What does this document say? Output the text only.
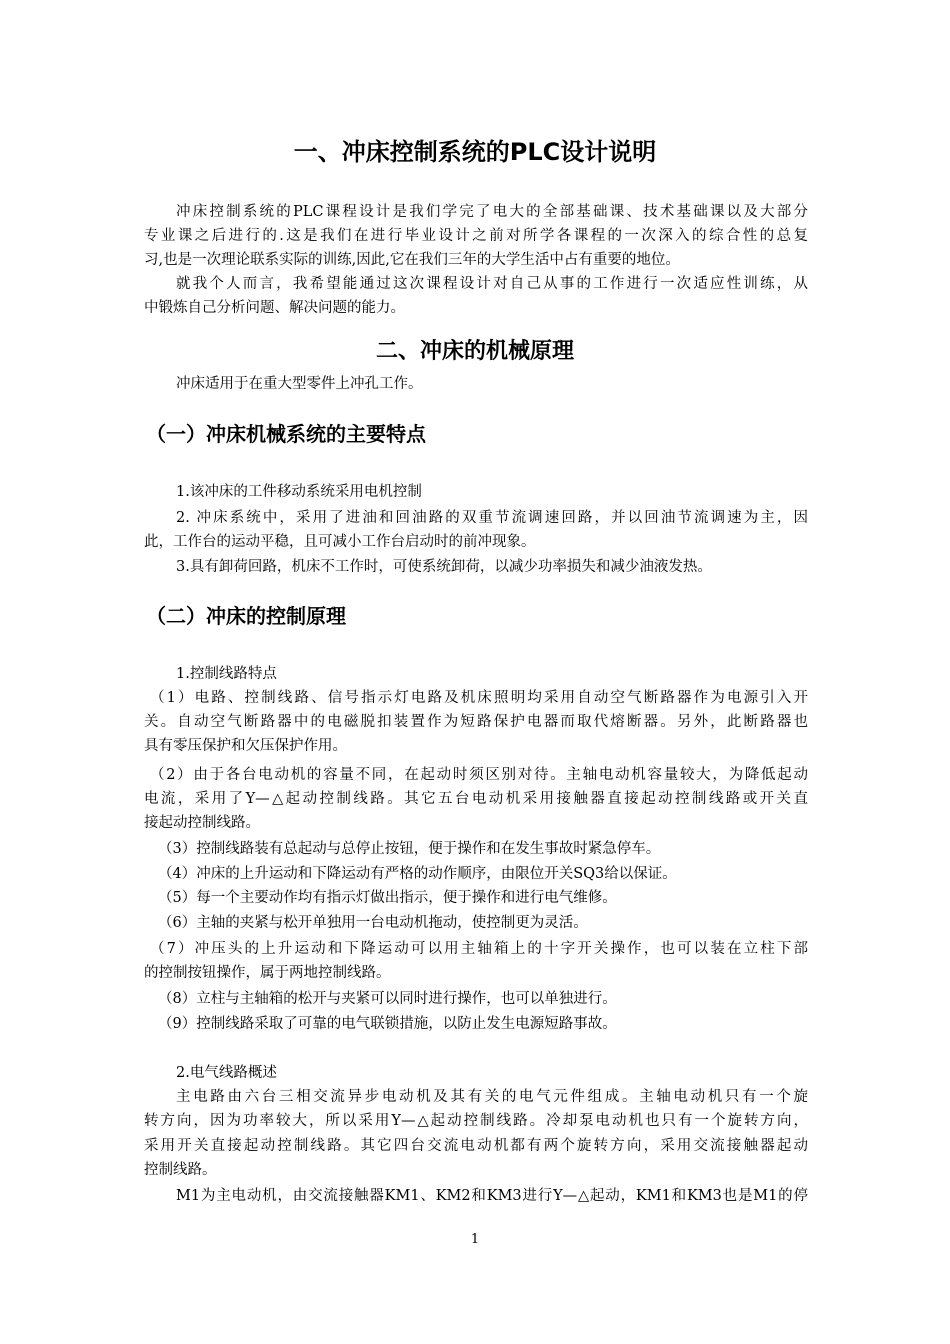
一、冲床控制系统的PLC设计说明
冲床控制系统的PLC课程设计是我们学完了电大的全部基础课、技术基础课以及大部分
专业课之后进行的.这是我们在进行毕业设计之前对所学各课程的一次深入的综合性的总复
习,也是一次理论联系实际的训练,因此,它在我们三年的大学生活中占有重要的地位。
就我个人而言，我希望能通过这次课程设计对自己从事的工作进行一次适应性训练，从
中锻炼自己分析问题、解决问题的能力。
二、冲床的机械原理
冲床适用于在重大型零件上冲孔工作。
（一）冲床机械系统的主要特点
1.该冲床的工件移动系统采用电机控制
2. 冲床系统中，采用了进油和回油路的双重节流调速回路，并以回油节流调速为主，因
此，工作台的运动平稳，且可减小工作台启动时的前冲现象。
3.具有卸荷回路，机床不工作时，可使系统卸荷，以减少功率损失和减少油液发热。
（二）冲床的控制原理
1.控制线路特点
（1）电路、控制线路、信号指示灯电路及机床照明均采用自动空气断路器作为电源引入开
关。自动空气断路器中的电磁脱扣装置作为短路保护电器而取代熔断器。另外，此断路器也
具有零压保护和欠压保护作用。
（2）由于各台电动机的容量不同，在起动时须区别对待。主轴电动机容量较大，为降低起动
电流，采用了Y—△起动控制线路。其它五台电动机采用接触器直接起动控制线路或开关直
接起动控制线路。
（3）控制线路装有总起动与总停止按钮，便于操作和在发生事故时紧急停车。
（4）冲床的上升运动和下降运动有严格的动作顺序，由限位开关SQ3给以保证。
（5）每一个主要动作均有指示灯做出指示，便于操作和进行电气维修。
（6）主轴的夹紧与松开单独用一台电动机拖动，使控制更为灵活。
（7）冲压头的上升运动和下降运动可以用主轴箱上的十字开关操作，也可以装在立柱下部
的控制按钮操作，属于两地控制线路。
（8）立柱与主轴箱的松开与夹紧可以同时进行操作，也可以单独进行。
（9）控制线路采取了可靠的电气联锁措施，以防止发生电源短路事故。
2.电气线路概述
主电路由六台三相交流异步电动机及其有关的电气元件组成。主轴电动机只有一个旋
转方向，因为功率较大，所以采用Y—△起动控制线路。冷却泵电动机也只有一个旋转方向，
采用开关直接起动控制线路。其它四台交流电动机都有两个旋转方向，采用交流接触器起动
控制线路。
M1为主电动机，由交流接触器KM1、KM2和KM3进行Y—△起动，KM1和KM3也是M1的停
1
